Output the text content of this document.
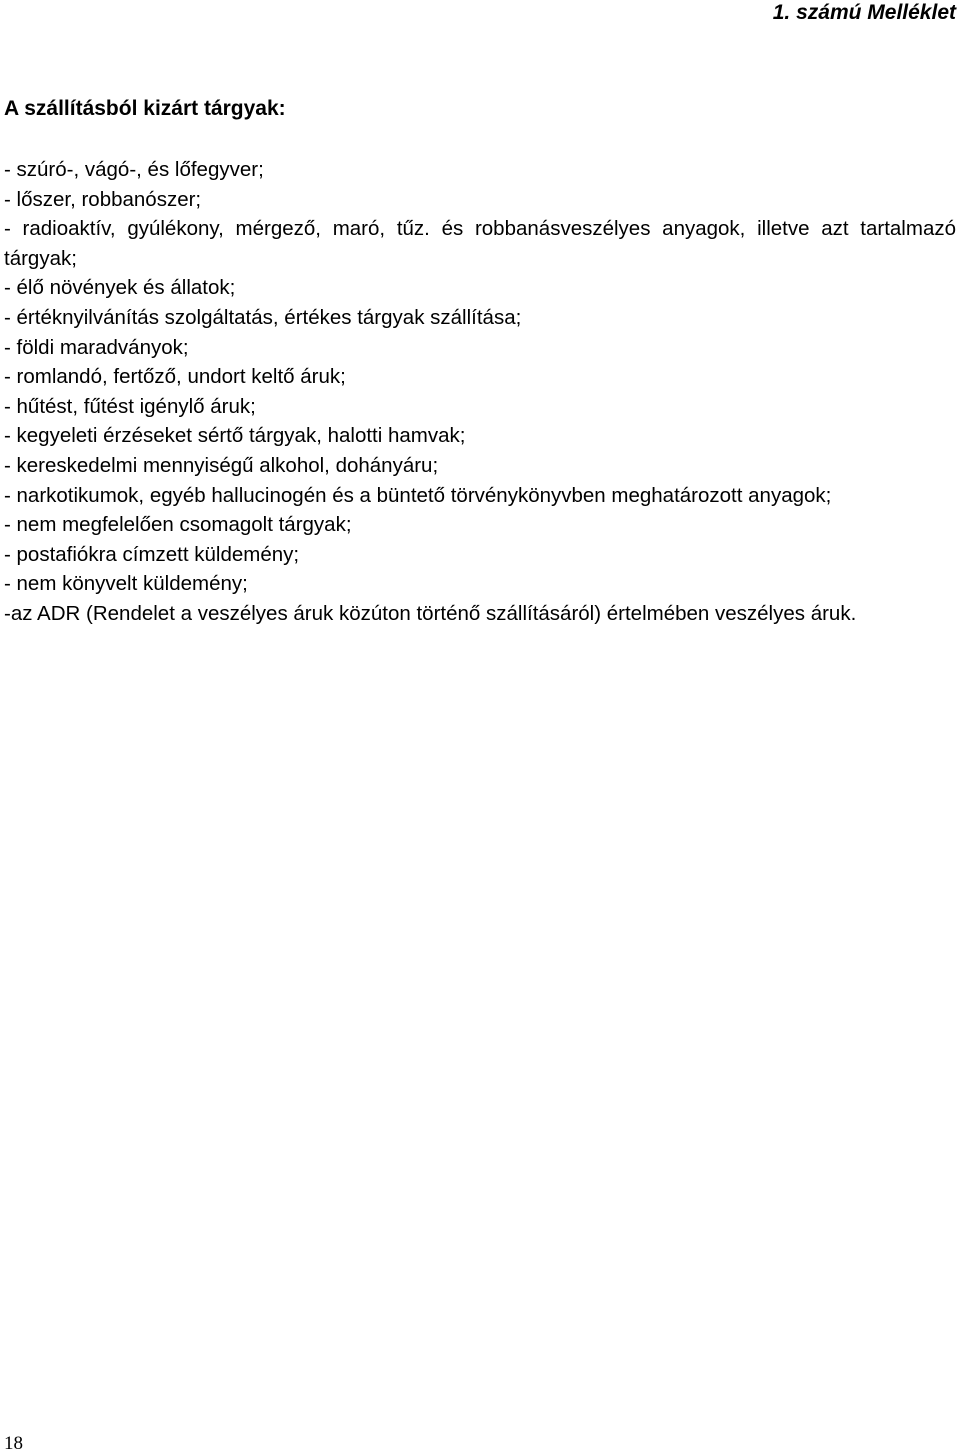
1. számú Melléklet
A szállításból kizárt tárgyak:
- szúró-, vágó-, és lőfegyver;
- lőszer, robbanószer;
- radioaktív, gyúlékony, mérgező, maró, tűz. és robbanásveszélyes anyagok, illetve azt tartalmazó tárgyak;
- élő növények és állatok;
- értéknyilvánítás szolgáltatás, értékes tárgyak szállítása;
- földi maradványok;
- romlandó, fertőző, undort keltő áruk;
- hűtést, fűtést igénylő áruk;
- kegyeleti érzéseket sértő tárgyak, halotti hamvak;
- kereskedelmi mennyiségű alkohol, dohányáru;
- narkotikumok, egyéb hallucinogén és a büntető törvénykönyvben meghatározott anyagok;
- nem megfelelően csomagolt tárgyak;
- postafiókra címzett küldemény;
- nem könyvelt küldemény;
-az ADR (Rendelet a veszélyes áruk közúton történő szállításáról) értelmében veszélyes áruk.
18
